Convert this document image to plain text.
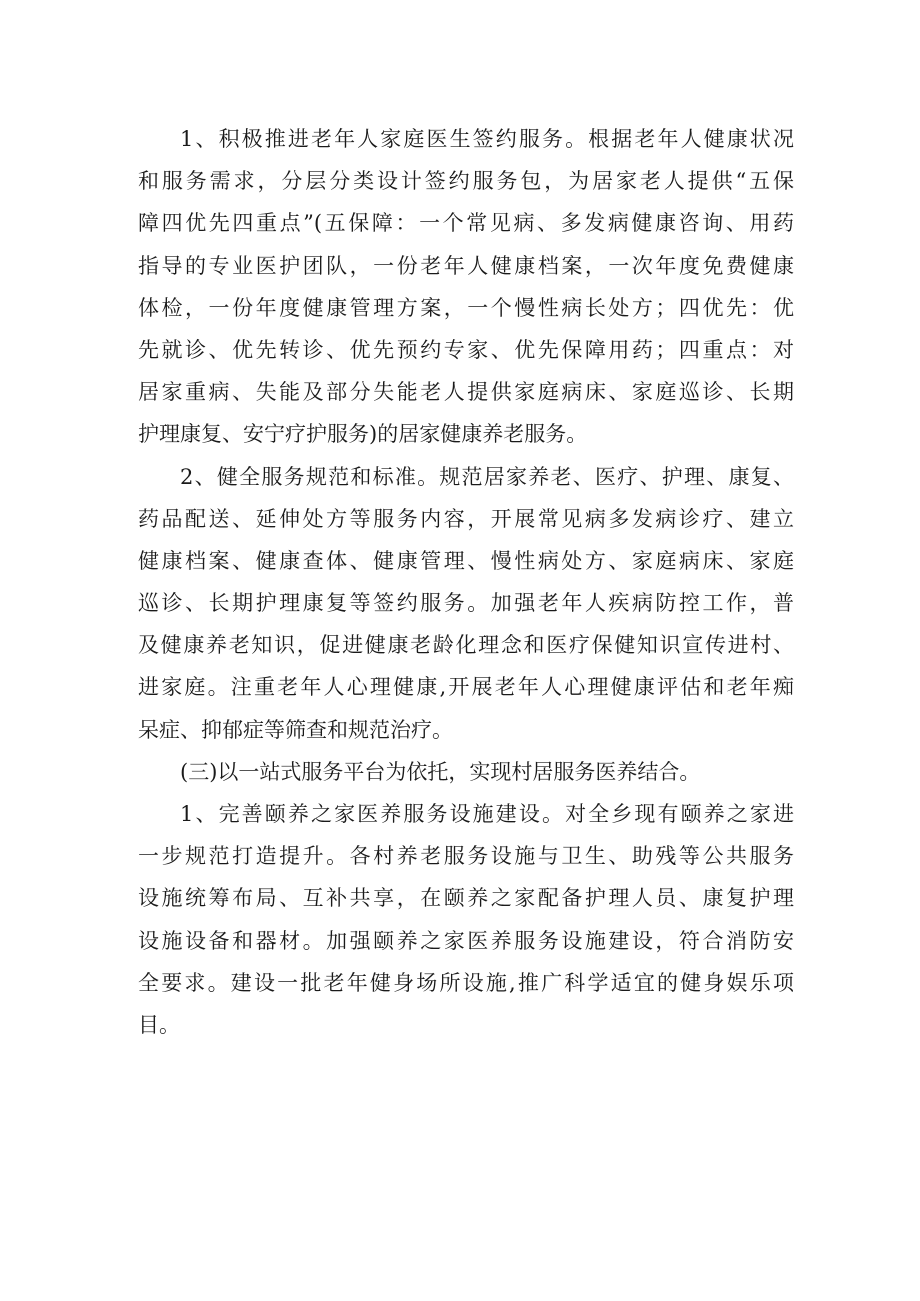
1、积极推进老年人家庭医生签约服务。根据老年人健康状况
和服务需求，分层分类设计签约服务包，为居家老人提供“五保
障四优先四重点”(五保障：一个常见病、多发病健康咨询、用药
指导的专业医护团队，一份老年人健康档案，一次年度免费健康
体检，一份年度健康管理方案，一个慢性病长处方；四优先：优
先就诊、优先转诊、优先预约专家、优先保障用药；四重点：对
居家重病、失能及部分失能老人提供家庭病床、家庭巡诊、长期
护理康复、安宁疗护服务)的居家健康养老服务。
2、健全服务规范和标准。规范居家养老、医疗、护理、康复、
药品配送、延伸处方等服务内容，开展常见病多发病诊疗、建立
健康档案、健康查体、健康管理、慢性病处方、家庭病床、家庭
巡诊、长期护理康复等签约服务。加强老年人疾病防控工作，普
及健康养老知识，促进健康老龄化理念和医疗保健知识宣传进村、
进家庭。注重老年人心理健康,开展老年人心理健康评估和老年痴
呆症、抑郁症等筛查和规范治疗。
(三)以一站式服务平台为依托，实现村居服务医养结合。
1、完善颐养之家医养服务设施建设。对全乡现有颐养之家进
一步规范打造提升。各村养老服务设施与卫生、助残等公共服务
设施统筹布局、互补共享，在颐养之家配备护理人员、康复护理
设施设备和器材。加强颐养之家医养服务设施建设，符合消防安
全要求。建设一批老年健身场所设施,推广科学适宜的健身娱乐项
目。
